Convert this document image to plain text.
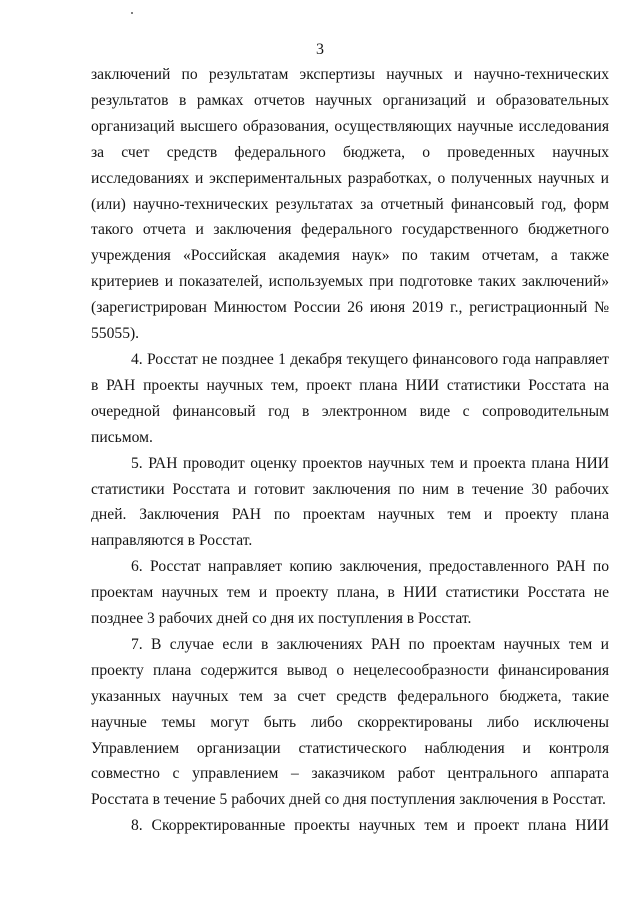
3

заключений по результатам экспертизы научных и научно-технических результатов в рамках отчетов научных организаций и образовательных организаций высшего образования, осуществляющих научные исследования за счет средств федерального бюджета, о проведенных научных исследованиях и экспериментальных разработках, о полученных научных и (или) научно-технических результатах за отчетный финансовый год, форм такого отчета и заключения федерального государственного бюджетного учреждения «Российская академия наук» по таким отчетам, а также критериев и показателей, используемых при подготовке таких заключений» (зарегистрирован Минюстом России 26 июня 2019 г., регистрационный № 55055).

4. Росстат не позднее 1 декабря текущего финансового года направляет в РАН проекты научных тем, проект плана НИИ статистики Росстата на очередной финансовый год в электронном виде с сопроводительным письмом.

5. РАН проводит оценку проектов научных тем и проекта плана НИИ статистики Росстата и готовит заключения по ним в течение 30 рабочих дней. Заключения РАН по проектам научных тем и проекту плана направляются в Росстат.

6. Росстат направляет копию заключения, предоставленного РАН по проектам научных тем и проекту плана, в НИИ статистики Росстата не позднее 3 рабочих дней со дня их поступления в Росстат.

7. В случае если в заключениях РАН по проектам научных тем и проекту плана содержится вывод о нецелесообразности финансирования указанных научных тем за счет средств федерального бюджета, такие научные темы могут быть либо скорректированы либо исключены Управлением организации статистического наблюдения и контроля совместно с управлением – заказчиком работ центрального аппарата Росстата в течение 5 рабочих дней со дня поступления заключения в Росстат.

8. Скорректированные проекты научных тем и проект плана НИИ
